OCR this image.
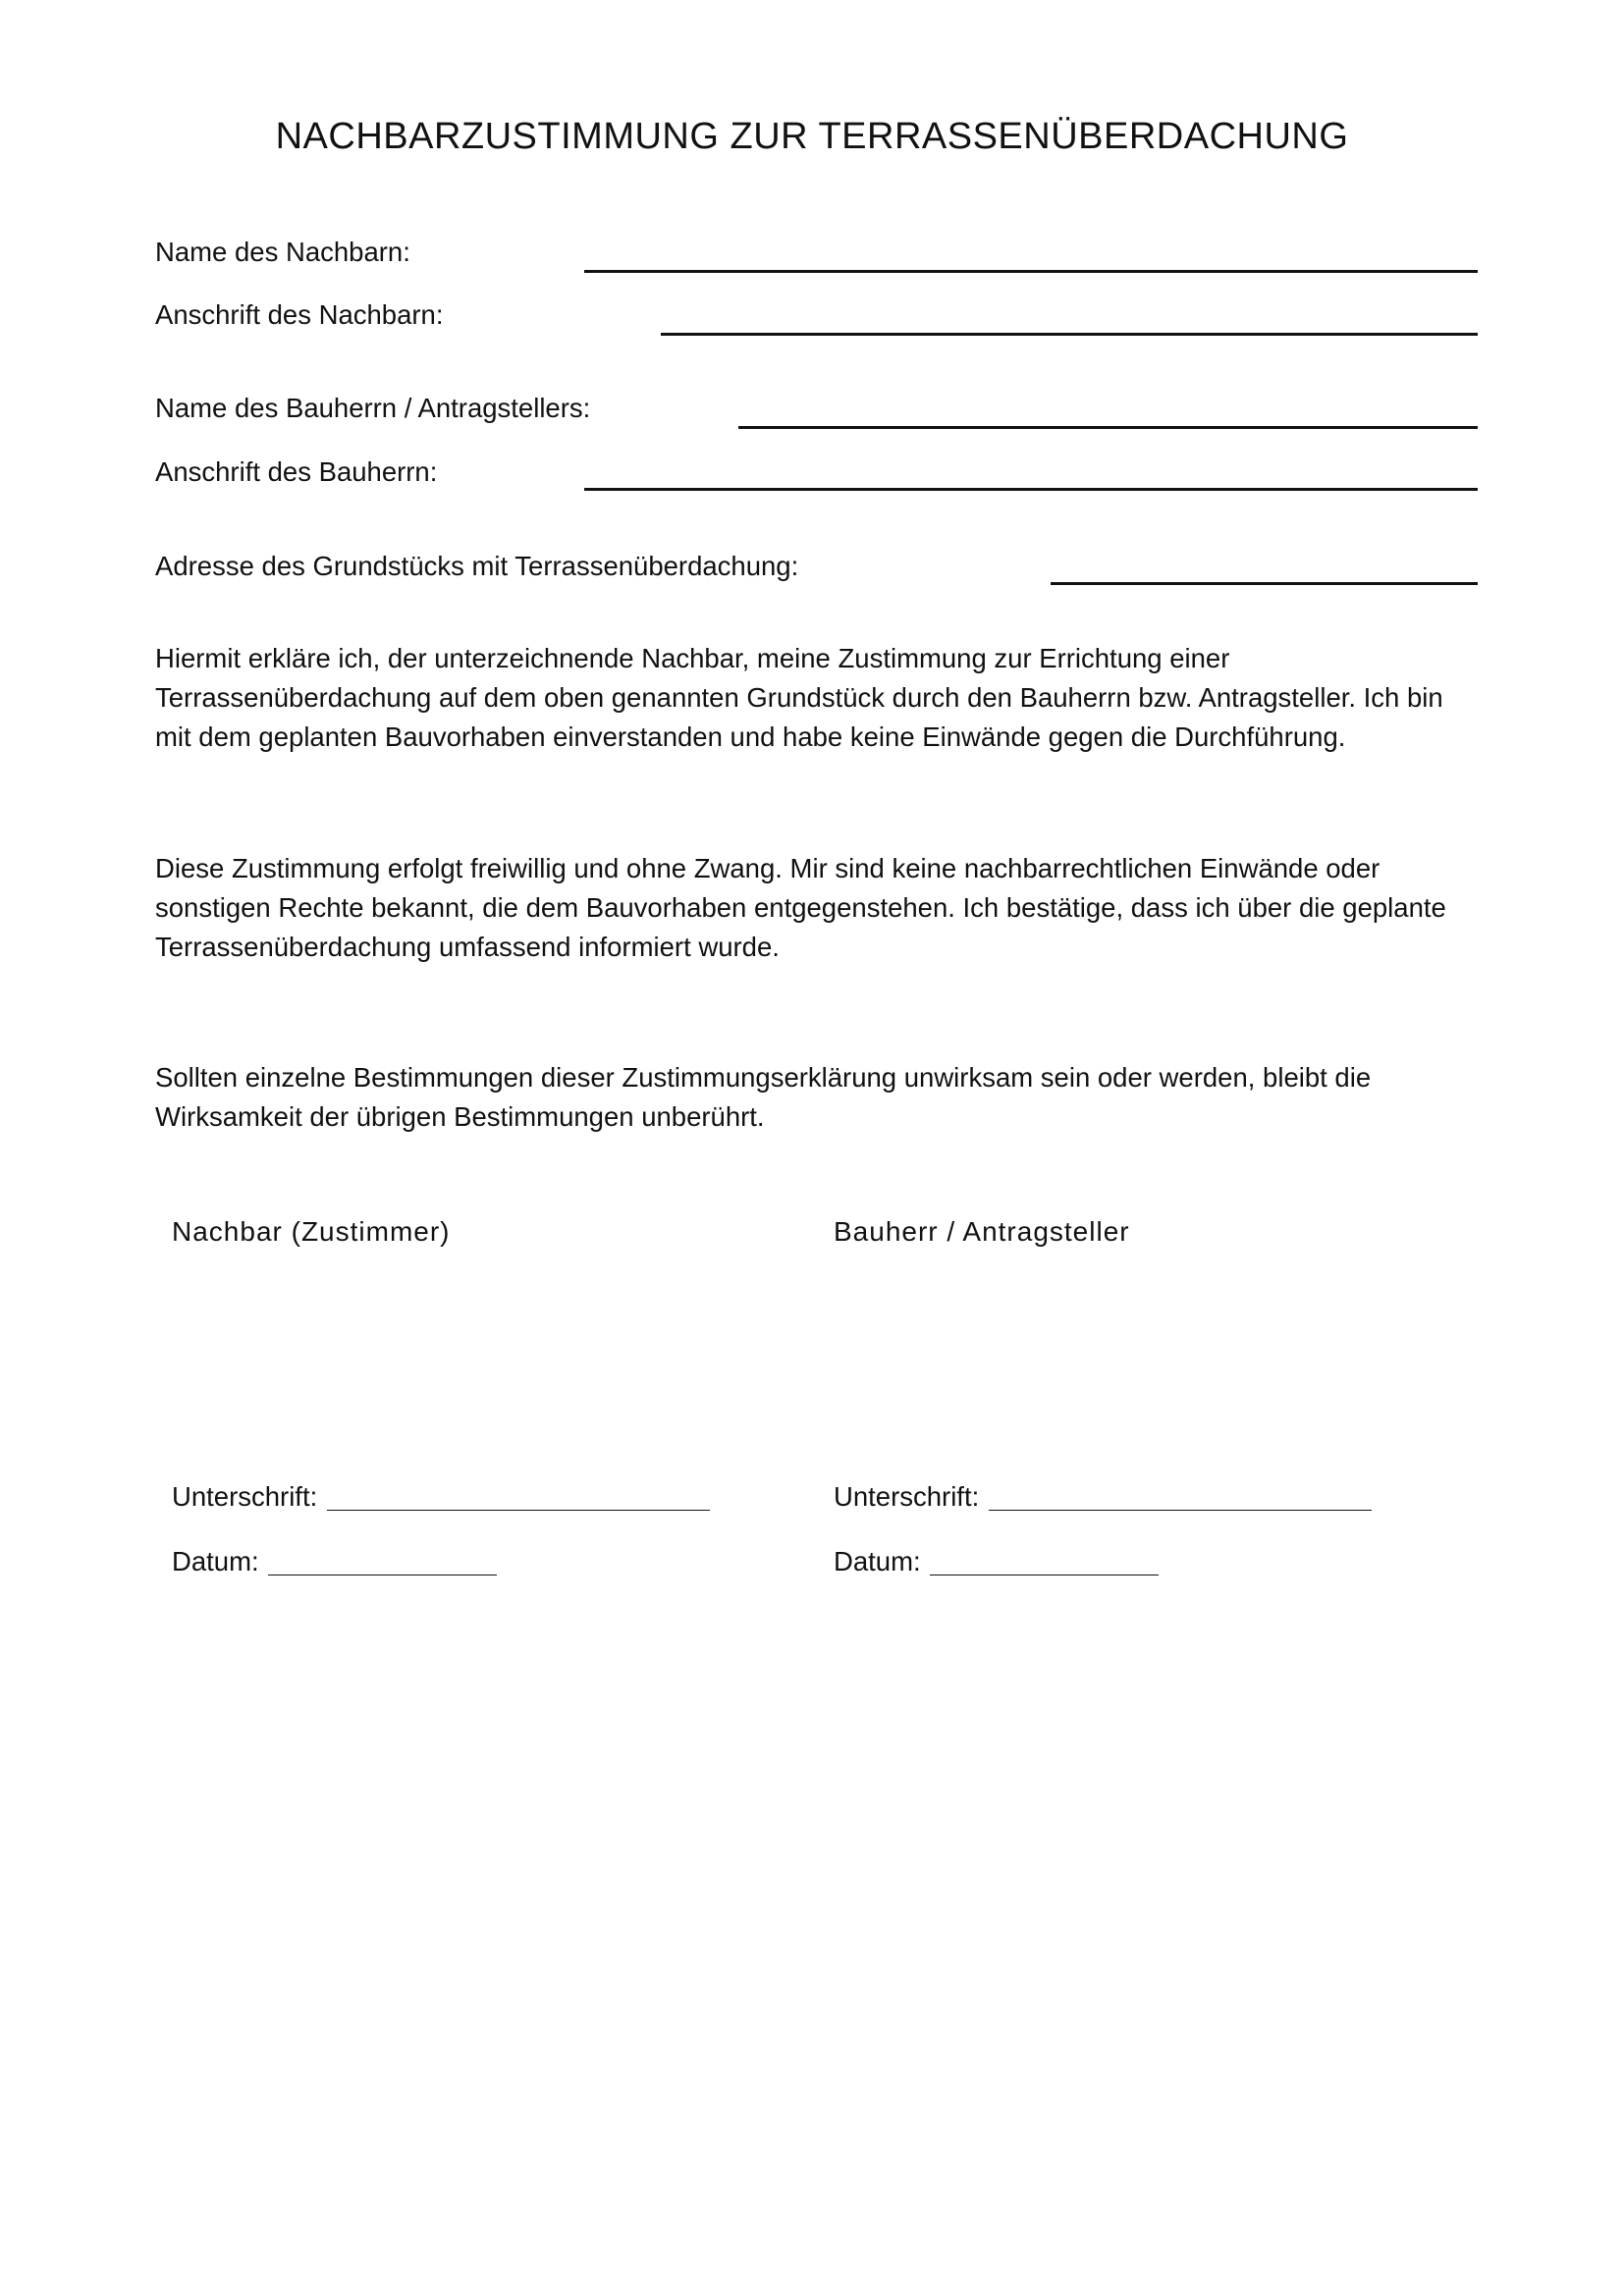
NACHBARZUSTIMMUNG ZUR TERRASSENÜBERDACHUNG
Name des Nachbarn:
Anschrift des Nachbarn:
Name des Bauherrn / Antragstellers:
Anschrift des Bauherrn:
Adresse des Grundstücks mit Terrassenüberdachung:
Hiermit erkläre ich, der unterzeichnende Nachbar, meine Zustimmung zur Errichtung einer
Terrassenüberdachung auf dem oben genannten Grundstück durch den Bauherrn bzw. Antragsteller. Ich bin
mit dem geplanten Bauvorhaben einverstanden und habe keine Einwände gegen die Durchführung.
Diese Zustimmung erfolgt freiwillig und ohne Zwang. Mir sind keine nachbarrechtlichen Einwände oder
sonstigen Rechte bekannt, die dem Bauvorhaben entgegenstehen. Ich bestätige, dass ich über die geplante
Terrassenüberdachung umfassend informiert wurde.
Sollten einzelne Bestimmungen dieser Zustimmungserklärung unwirksam sein oder werden, bleibt die
Wirksamkeit der übrigen Bestimmungen unberührt.
Nachbar (Zustimmer)
Unterschrift:
Datum:
Bauherr / Antragsteller
Unterschrift:
Datum:
